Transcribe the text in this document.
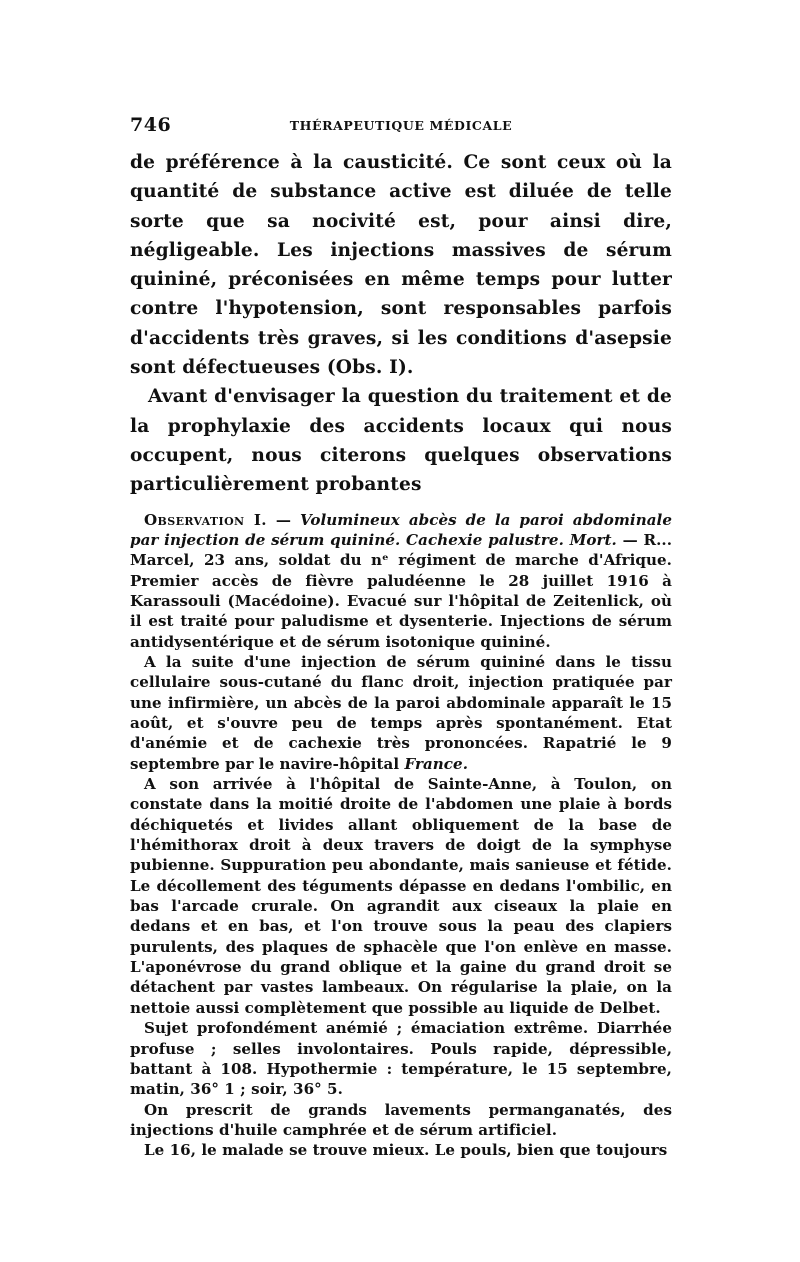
746	THÉRAPEUTIQUE MÉDICALE

de préférence à la causticité. Ce sont ceux où la quantité de substance active est diluée de telle sorte que sa nocivité est, pour ainsi dire, négligeable. Les injections massives de sérum quininé, préconisées en même temps pour lutter contre l'hypotension, sont responsables parfois d'accidents très graves, si les conditions d'asepsie sont défectueuses (Obs. I).

Avant d'envisager la question du traitement et de la prophylaxie des accidents locaux qui nous occupent, nous citerons quelques observations particulièrement probantes

Observation I. — Volumineux abcès de la paroi abdominale par injection de sérum quininé. Cachexie palustre. Mort. — R... Marcel, 23 ans, soldat du nᵉ régiment de marche d'Afrique. Premier accès de fièvre paludéenne le 28 juillet 1916 à Karassouli (Macédoine). Evacué sur l'hôpital de Zeitenlick, où il est traité pour paludisme et dysenterie. Injections de sérum antidysentérique et de sérum isotonique quininé.

A la suite d'une injection de sérum quininé dans le tissu cellulaire sous-cutané du flanc droit, injection pratiquée par une infirmière, un abcès de la paroi abdominale apparaît le 15 août, et s'ouvre peu de temps après spontanément. Etat d'anémie et de cachexie très prononcées. Rapatrié le 9 septembre par le navire-hôpital France.

A son arrivée à l'hôpital de Sainte-Anne, à Toulon, on constate dans la moitié droite de l'abdomen une plaie à bords déchiquetés et livides allant obliquement de la base de l'hémithorax droit à deux travers de doigt de la symphyse pubienne. Suppuration peu abondante, mais sanieuse et fétide. Le décollement des téguments dépasse en dedans l'ombilic, en bas l'arcade crurale. On agrandit aux ciseaux la plaie en dedans et en bas, et l'on trouve sous la peau des clapiers purulents, des plaques de sphacèle que l'on enlève en masse. L'aponévrose du grand oblique et la gaine du grand droit se détachent par vastes lambeaux. On régularise la plaie, on la nettoie aussi complètement que possible au liquide de Delbet.

Sujet profondément anémié ; émaciation extrême. Diarrhée profuse ; selles involontaires. Pouls rapide, dépressible, battant à 108. Hypothermie : température, le 15 septembre, matin, 36° 1 ; soir, 36° 5.

On prescrit de grands lavements permanganatés, des injections d'huile camphrée et de sérum artificiel.

Le 16, le malade se trouve mieux. Le pouls, bien que toujours
